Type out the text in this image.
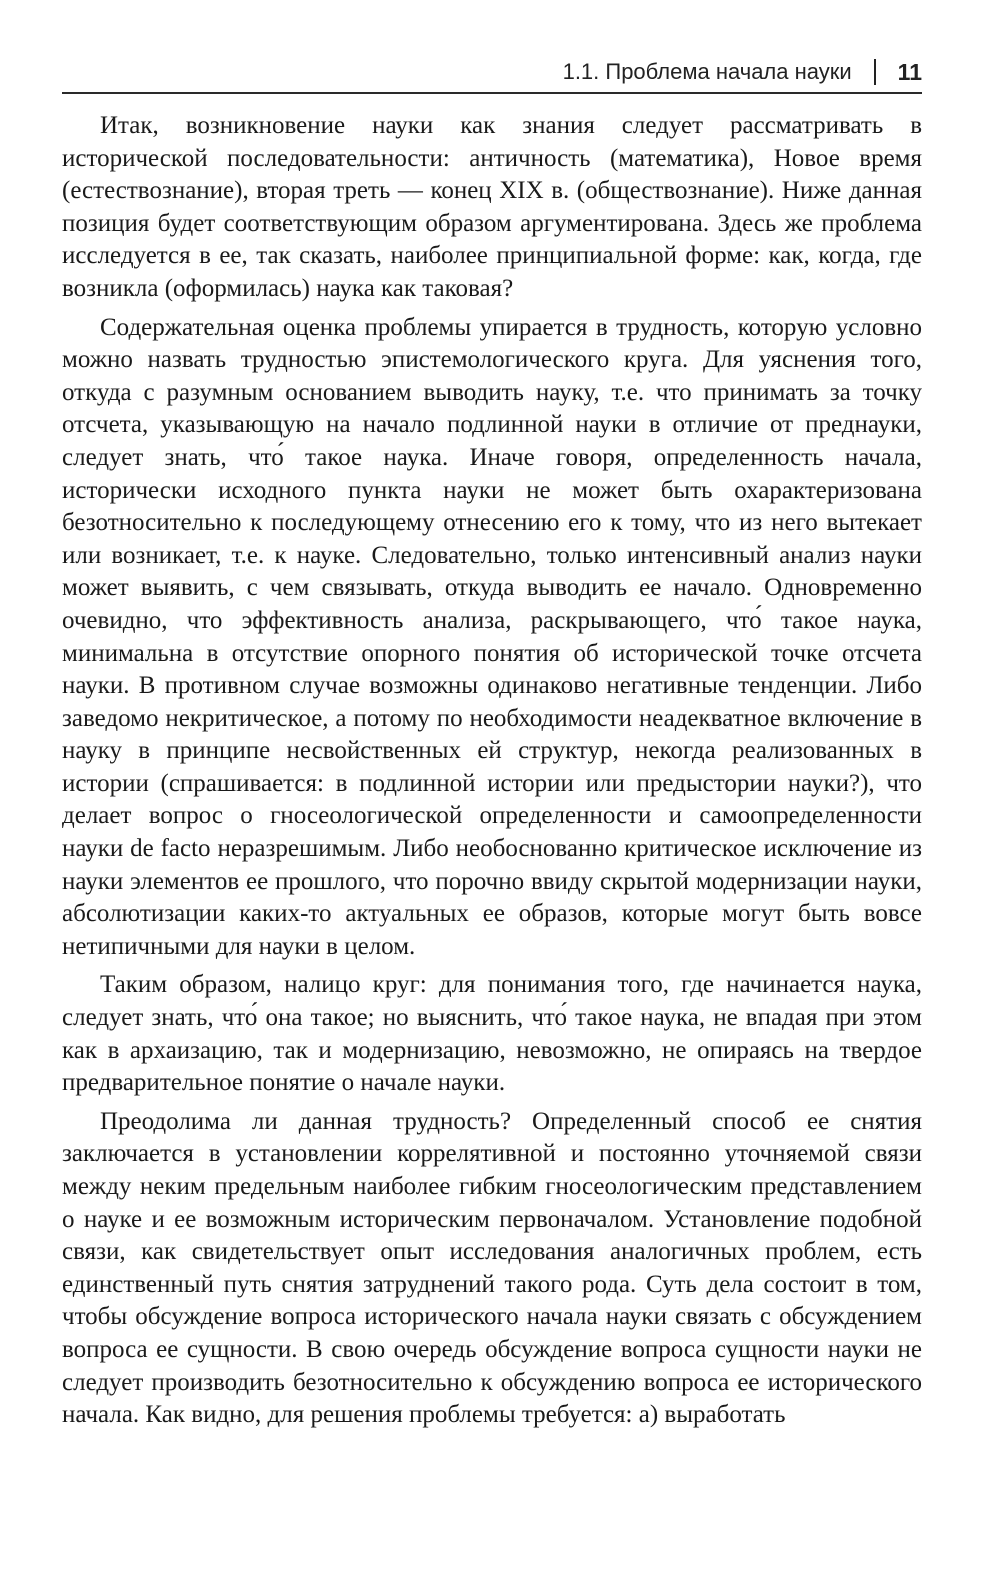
1.1. Проблема начала науки 11

Итак, возникновение науки как знания следует рассматривать в исторической последовательности: античность (математика), Новое время (естествознание), вторая треть — конец XIX в. (обществознание). Ниже данная позиция будет соответствующим образом аргументирована. Здесь же проблема исследуется в ее, так сказать, наиболее принципиальной форме: как, когда, где возникла (оформилась) наука как таковая?

Содержательная оценка проблемы упирается в трудность, которую условно можно назвать трудностью эпистемологического круга. Для уяснения того, откуда с разумным основанием выводить науку, т.е. что принимать за точку отсчета, указывающую на начало подлинной науки в отличие от преднауки, следует знать, что́ такое наука. Иначе говоря, определенность начала, исторически исходного пункта науки не может быть охарактеризована безотносительно к последующему отнесению его к тому, что из него вытекает или возникает, т.е. к науке. Следовательно, только интенсивный анализ науки может выявить, с чем связывать, откуда выводить ее начало. Одновременно очевидно, что эффективность анализа, раскрывающего, что́ такое наука, минимальна в отсутствие опорного понятия об исторической точке отсчета науки. В противном случае возможны одинаково негативные тенденции. Либо заведомо некритическое, а потому по необходимости неадекватное включение в науку в принципе несвойственных ей структур, некогда реализованных в истории (спрашивается: в подлинной истории или предыстории науки?), что делает вопрос о гносеологической определенности и самоопределенности науки de facto неразрешимым. Либо необоснованно критическое исключение из науки элементов ее прошлого, что порочно ввиду скрытой модернизации науки, абсолютизации каких-то актуальных ее образов, которые могут быть вовсе нетипичными для науки в целом.

Таким образом, налицо круг: для понимания того, где начинается наука, следует знать, что́ она такое; но выяснить, что́ такое наука, не впадая при этом как в архаизацию, так и модернизацию, невозможно, не опираясь на твердое предварительное понятие о начале науки.

Преодолима ли данная трудность? Определенный способ ее снятия заключается в установлении коррелятивной и постоянно уточняемой связи между неким предельным наиболее гибким гносеологическим представлением о науке и ее возможным историческим первоначалом. Установление подобной связи, как свидетельствует опыт исследования аналогичных проблем, есть единственный путь снятия затруднений такого рода. Суть дела состоит в том, чтобы обсуждение вопроса исторического начала науки связать с обсуждением вопроса ее сущности. В свою очередь обсуждение вопроса сущности науки не следует производить безотносительно к обсуждению вопроса ее исторического начала. Как видно, для решения проблемы требуется: а) выработать
